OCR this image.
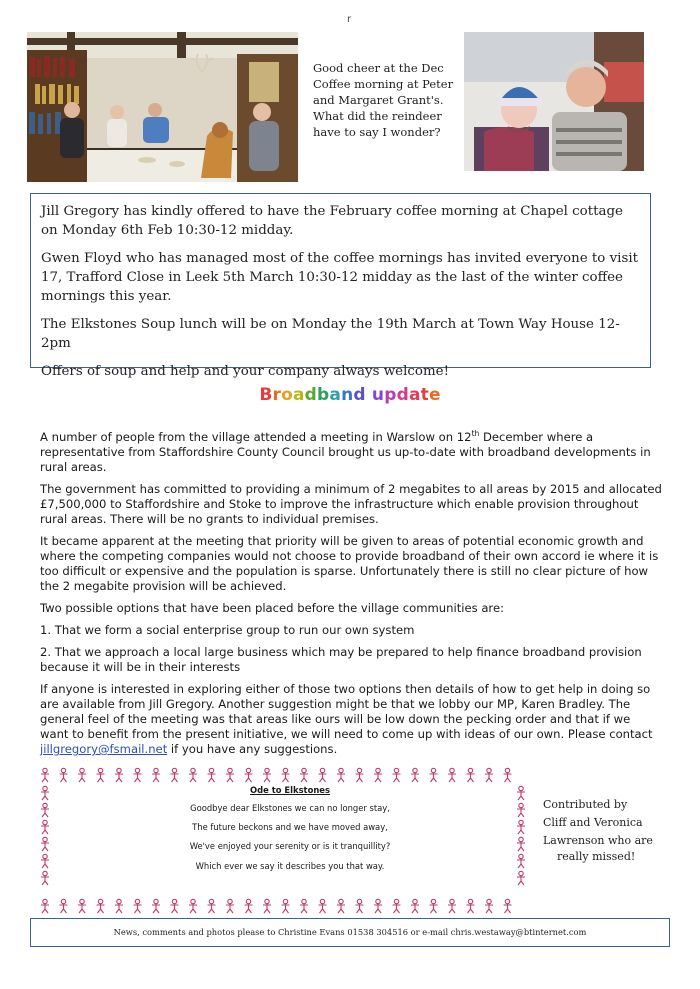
r
Good cheer at the Dec
Coffee morning at Peter
and Margaret Grant's.
What did the reindeer
have to say I wonder?

Jill Gregory has kindly offered to have the February coffee morning at Chapel cottage on Monday 6th Feb 10:30-12 midday.

Gwen Floyd who has managed most of the coffee mornings has invited everyone to visit 17, Trafford Close in Leek 5th March 10:30-12 midday as the last of the winter coffee mornings this year.

The Elkstones Soup lunch will be on Monday the 19th March at Town Way House 12-2pm

Offers of soup and help and your company always welcome!

Broadband update

A number of people from the village attended a meeting in Warslow on 12th December where a representative from Staffordshire County Council brought us up-to-date with broadband developments in rural areas.

The government has committed to providing a minimum of 2 megabites to all areas by 2015 and allocated £7,500,000 to Staffordshire and Stoke to improve the infrastructure which enable provision throughout rural areas. There will be no grants to individual premises.

It became apparent at the meeting that priority will be given to areas of potential economic growth and where the competing companies would not choose to provide broadband of their own accord ie where it is too difficult or expensive and the population is sparse. Unfortunately there is still no clear picture of how the 2 megabite provision will be achieved.

Two possible options that have been placed before the village communities are:

1. That we form a social enterprise group to run our own system

2. That we approach a local large business which may be prepared to help finance broadband provision because it will be in their interests

If anyone is interested in exploring either of those two options then details of how to get help in doing so are available from Jill Gregory. Another suggestion might be that we lobby our MP, Karen Bradley. The general feel of the meeting was that areas like ours will be low down the pecking order and that if we want to benefit from the present initiative, we will need to come up with ideas of our own. Please contact jillgregory@fsmail.net if you have any suggestions.

Ode to Elkstones
Goodbye dear Elkstones we can no longer stay,
The future beckons and we have moved away,
We've enjoyed your serenity or is it tranquillity?
Which ever we say it describes you that way.
Contributed by
Cliff and Veronica
Lawrenson who are
really missed!
News, comments and photos please to Christine Evans 01538 304516 or e-mail chris.westaway@btinternet.com
